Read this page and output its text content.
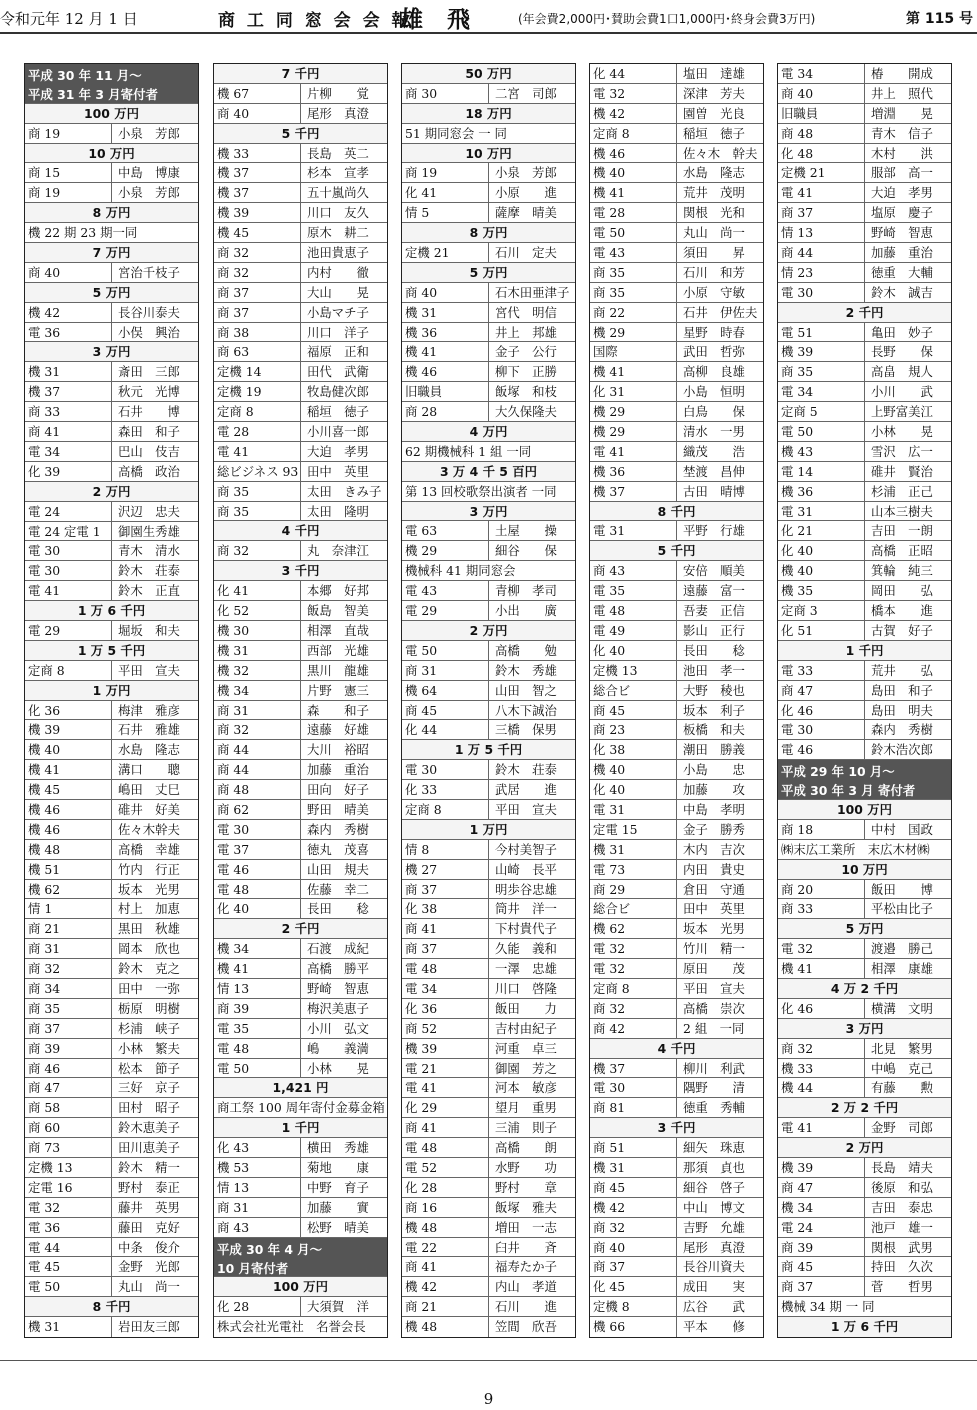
令和元年 12 月 1 日	商 工 同 窓 会 会 報
雄 飛	(年会費2,000円･賛助会費1口1,000円･終身会費3万円)	第 115 号
平成 30 年 11 月～
平成 31 年 3 月寄付者
100 万円
商 19	小泉　芳郎
10 万円
商 15	中島　博康
商 19	小泉　芳郎
8 万円
機 22 期 23 期一同
7 万円
商 40	宮治千枝子
5 万円
機 42	長谷川泰夫
電 36	小俣　興治
3 万円
機 31	斎田　三郎
機 37	秋元　光博
商 33	石井　　博
商 41	森田　和子
電 34	巴山　伎吉
化 39	高橋　政治
2 万円
電 24	沢辺　忠夫
電 24 定電 1	御園生秀雄
電 30	青木　清水
電 30	鈴木　荘泰
電 41	鈴木　正直
1 万 6 千円
電 29	堀坂　和夫
1 万 5 千円
定商 8	平田　宣夫
1 万円
化 36	梅津　雅彦
機 39	石井　雅雄
機 40	水島　隆志
機 41	溝口　　聰
機 45	嶋田　丈巳
機 46	碓井　好美
機 46	佐々木幹夫
機 48	高橋　幸雄
機 51	竹内　行正
機 62	坂本　光男
情 1	村上　加恵
商 21	黒田　秋雄
商 31	岡本　欣也
商 32	鈴木　克之
商 34	田中　一弥
商 35	栃原　明樹
商 37	杉浦　峡子
商 39	小林　繁夫
商 46	松本　節子
商 47	三好　京子
商 58	田村　昭子
商 60	鈴木恵美子
商 73	田川恵美子
定機 13	鈴木　精一
定電 16	野村　泰正
電 32	藤井　英男
電 36	藤田　克好
電 44	中条　俊介
電 45	金野　光郎
電 50	丸山　尚一
8 千円
機 31	岩田友三郎
7 千円
機 67	片柳　　覚
商 40	尾形　真澄
5 千円
機 33	長島　英二
機 37	杉本　宣孝
機 37	五十嵐尚久
機 39	川口　友久
機 45	原木　耕二
商 32	池田貴恵子
商 32	内村　　徹
商 37	大山　　晃
商 37	小島マチ子
商 38	川口　洋子
商 63	福原　正和
定機 14	田代　武衛
定機 19	牧島健次郎
定商 8	稲垣　徳子
電 28	小川喜一郎
電 41	大迫　孝男
総ビジネス 93 田中　英里
商 35	太田　きみ子
商 35	太田　隆明
4 千円
商 32	丸　奈津江
3 千円
化 41	本郷　好邦
化 52	飯島　智美
機 30	相澤　直哉
機 31	西部　光雄
機 32	黒川　龍雄
機 34	片野　憲三
商 31	森　　和子
商 32	遠藤　好雄
商 44	大川　裕昭
商 44	加藤　重治
商 48	田向　好子
商 62	野田　晴美
電 30	森内　秀樹
電 37	徳丸　茂喜
電 46	山田　規夫
電 48	佐藤　幸二
化 40	長田　　稔
2 千円
機 34	石渡　成紀
機 41	高橋　勝平
情 13	野崎　智恵
商 39	梅沢美恵子
電 35	小川　弘文
電 48	嶋　　義満
電 50	小林　　晃
1,421 円
商工祭 100 周年寄付金募金箱
1 千円
化 43	横田　秀雄
機 53	菊地　　康
情 13	中野　育子
商 31	加藤　　實
商 43	松野　晴美
平成 30 年 4 月～
10 月寄付者
100 万円
化 28	大須賀　洋
株式会社光電社　名誉会長
50 万円
商 30	二宮　司郎
18 万円
51 期同窓会 一 同
10 万円
商 19	小泉　芳郎
化 41	小原　　進
情 5	薩摩　晴美
8 万円
定機 21	石川　定夫
5 万円
商 40	石木田亜津子
機 31	宮代　明信
機 36	井上　邦雄
機 41	金子　公行
機 46	柳下　正勝
旧職員	飯塚　和枝
商 28	大久保隆夫
4 万円
62 期機械科 1 組 一同
3 万 4 千 5 百円
第 13 回校歌祭出演者 一同
3 万円
電 63	土屋　　操
機 29	細谷　　保
機械科 41 期同窓会
電 43	青柳　孝司
電 29	小出　　廣
2 万円
電 50	高橋　　勉
商 31	鈴木　秀雄
機 64	山田　智之
商 45	八木下誠治
化 44	三橋　保男
1 万 5 千円
電 30	鈴木　荘泰
化 33	武居　　進
定商 8	平田　宣夫
1 万円
情 8	今村美智子
機 27	山崎　長平
商 37	明歩谷忠雄
化 38	筒井　洋一
商 41	下村貴代子
商 37	久能　義和
電 48	一澤　忠雄
電 34	川口　啓隆
化 36	飯田　　力
商 52	吉村由紀子
機 39	河重　卓三
電 21	御園　芳之
電 41	河本　敏彦
化 29	望月　重男
商 41	三浦　則子
電 48	高橋　　朗
電 52	水野　　功
化 28	野村　　章
商 16	飯塚　雅夫
機 48	増田　一志
電 22	臼井　　斉
商 41	福寿たか子
機 42	内山　孝道
商 21	石川　　進
機 48	笠間　欣吾
化 44	塩田　達雄
電 32	深津　芳夫
機 42	園曽　光良
定商 8	稲垣　徳子
機 46	佐々木　幹夫
機 40	水島　隆志
機 41	荒井　茂明
電 28	関根　光和
電 50	丸山　尚一
電 43	須田　　昇
商 35	石川　和芳
商 35	小原　守敏
商 22	石井　伊佐夫
機 29	星野　時春
国際	武田　哲弥
機 41	高柳　良雄
化 31	小島　恒明
機 29	白鳥　　保
機 29	清水　一男
電 41	織茂　　浩
機 36	埜渡　昌伸
機 37	古田　晴博
8 千円
電 31	平野　行雄
5 千円
商 43	安倍　順美
電 35	遠藤　富一
電 48	吾妻　正信
電 49	影山　正行
化 40	長田　　稔
定機 13	池田　孝一
総合ビ	大野　稜也
商 45	坂本　利子
商 23	板橋　和夫
化 38	潮田　勝義
機 40	小島　　忠
化 40	加藤　　攻
電 31	中島　孝明
定電 15	金子　勝秀
機 31	木内　吉次
電 73	内田　貴史
商 29	倉田　守通
総合ビ	田中　英里
機 62	坂本　光男
電 32	竹川　精一
電 32	原田　　茂
定商 8	平田　宣夫
商 32	高橋　崇次
商 42	2 組　一同
4 千円
機 37	柳川　利武
電 30	隅野　　清
商 81	徳重　秀輔
3 千円
商 51	細矢　珠恵
機 31	那須　貞也
商 45	細谷　啓子
機 42	中山　博文
商 32	吉野　允雄
商 40	尾形　真澄
商 37	長谷川資夫
化 45	成田　　実
定機 8	広谷　　武
機 66	平本　　修
電 34	椿　　開成
商 40	井上　照代
旧職員	増淵　　晃
商 48	青木　信子
化 48	木村　　洪
定機 21	服部　高一
電 41	大迫　孝男
商 37	塩原　慶子
情 13	野崎　智恵
商 44	加藤　重治
情 23	徳重　大輔
電 30	鈴木　誠吉
2 千円
電 51	亀田　妙子
機 39	長野　　保
商 35	高畠　規人
電 34	小川　　武
定商 5	上野富美江
電 50	小林　　晃
機 43	雪沢　広一
電 14	碓井　賢治
機 36	杉浦　正己
電 31	山本三樹夫
化 21	吉田　一朗
化 40	高橋　正昭
機 40	箕輪　純三
機 35	岡田　　弘
定商 3	橋本　　進
化 51	古賀　好子
1 千円
電 33	荒井　　弘
商 47	島田　和子
化 46	島田　明夫
電 30	森内　秀樹
電 46	鈴木浩次郎
平成 29 年 10 月～
平成 30 年 3 月 寄付者
100 万円
商 18	中村　国政
㈱末広工業所　末広木材㈱
10 万円
商 20	飯田　　博
商 33	平松由比子
5 万円
電 32	渡邉　勝己
機 41	相澤　康雄
4 万 2 千円
化 46	横溝　文明
3 万円
商 32	北見　繁男
機 33	中嶋　克己
機 44	有藤　　勲
2 万 2 千円
電 41	金野　司郎
2 万円
機 39	長島　靖夫
商 47	後原　和弘
機 34	吉田　泰忠
電 24	池戸　雄一
商 39	関根　武男
商 45	持田　久次
商 37	菅　　哲男
機械 34 期 一 同
1 万 6 千円
9
